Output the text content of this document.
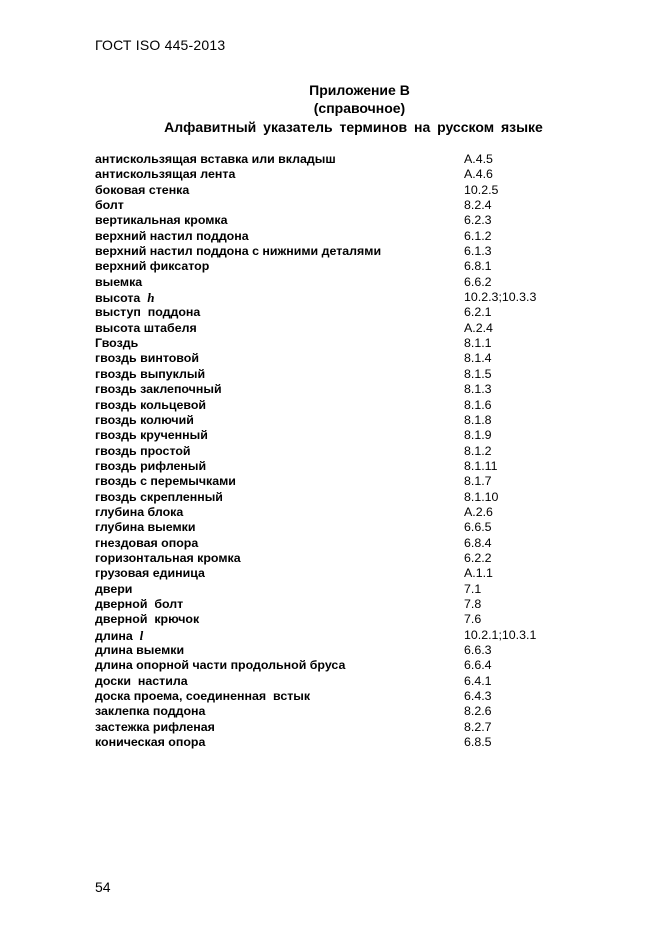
ГОСТ ISO 445-2013
Приложение В
(справочное)
Алфавитный указатель терминов на русском языке
антискользящая вставка или вкладыш	А.4.5
антискользящая лента	А.4.6
боковая стенка	10.2.5
болт	8.2.4
вертикальная кромка	6.2.3
верхний настил поддона	6.1.2
верхний настил поддона с нижними деталями	6.1.3
верхний фиксатор	6.8.1
выемка	6.6.2
высота  h	10.2.3;10.3.3
выступ  поддона	6.2.1
высота штабеля	А.2.4
Гвоздь	8.1.1
гвоздь винтовой	8.1.4
гвоздь выпуклый	8.1.5
гвоздь заклепочный	8.1.3
гвоздь кольцевой	8.1.6
гвоздь колючий	8.1.8
гвоздь крученный	8.1.9
гвоздь простой	8.1.2
гвоздь рифленый	8.1.11
гвоздь с перемычками	8.1.7
гвоздь скрепленный	8.1.10
глубина блока	А.2.6
глубина выемки	6.6.5
гнездовая опора	6.8.4
горизонтальная кромка	6.2.2
грузовая единица	А.1.1
двери	7.1
дверной  болт	7.8
дверной  крючок	7.6
длина  l	10.2.1;10.3.1
длина выемки	6.6.3
длина опорной части продольной бруса	6.6.4
доски  настила	6.4.1
доска проема, соединенная  встык	6.4.3
заклепка поддона	8.2.6
застежка рифленая	8.2.7
коническая опора	6.8.5
54
